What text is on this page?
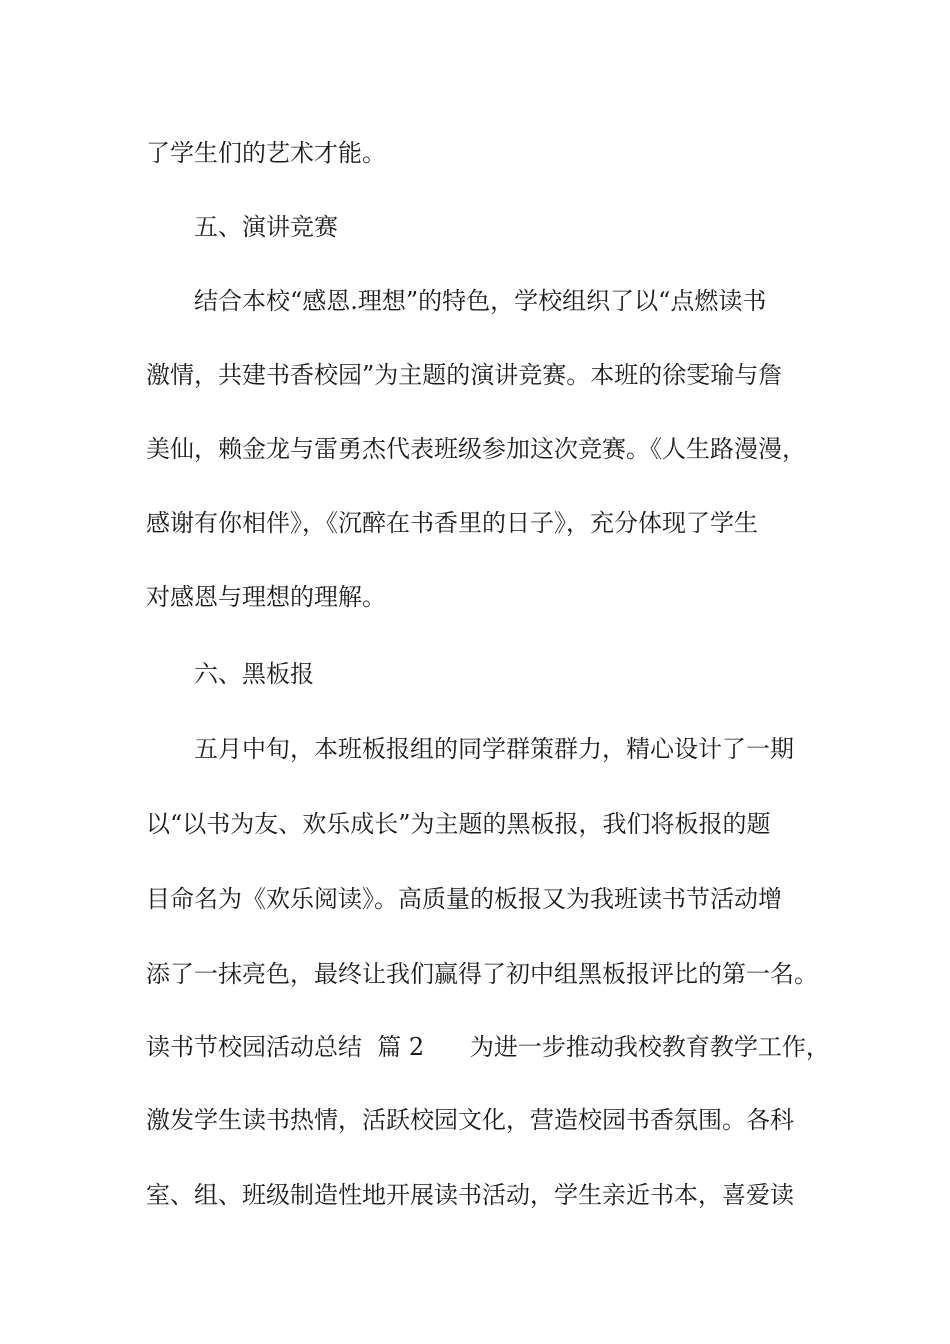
了学生们的艺术才能。
五、演讲竞赛
结合本校“感恩.理想”的特色，学校组织了以“点燃读书
激情，共建书香校园”为主题的演讲竞赛。本班的徐雯瑜与詹
美仙，赖金龙与雷勇杰代表班级参加这次竞赛。《人生路漫漫，
感谢有你相伴》，《沉醉在书香里的日子》，充分体现了学生
对感恩与理想的理解。
六、黑板报
五月中旬，本班板报组的同学群策群力，精心设计了一期
以“以书为友、欢乐成长”为主题的黑板报，我们将板报的题
目命名为《欢乐阅读》。高质量的板报又为我班读书节活动增
添了一抹亮色，最终让我们赢得了初中组黑板报评比的第一名。
读书节校园活动总结  篇 2      为进一步推动我校教育教学工作，
激发学生读书热情，活跃校园文化，营造校园书香氛围。各科
室、组、班级制造性地开展读书活动，学生亲近书本，喜爱读
